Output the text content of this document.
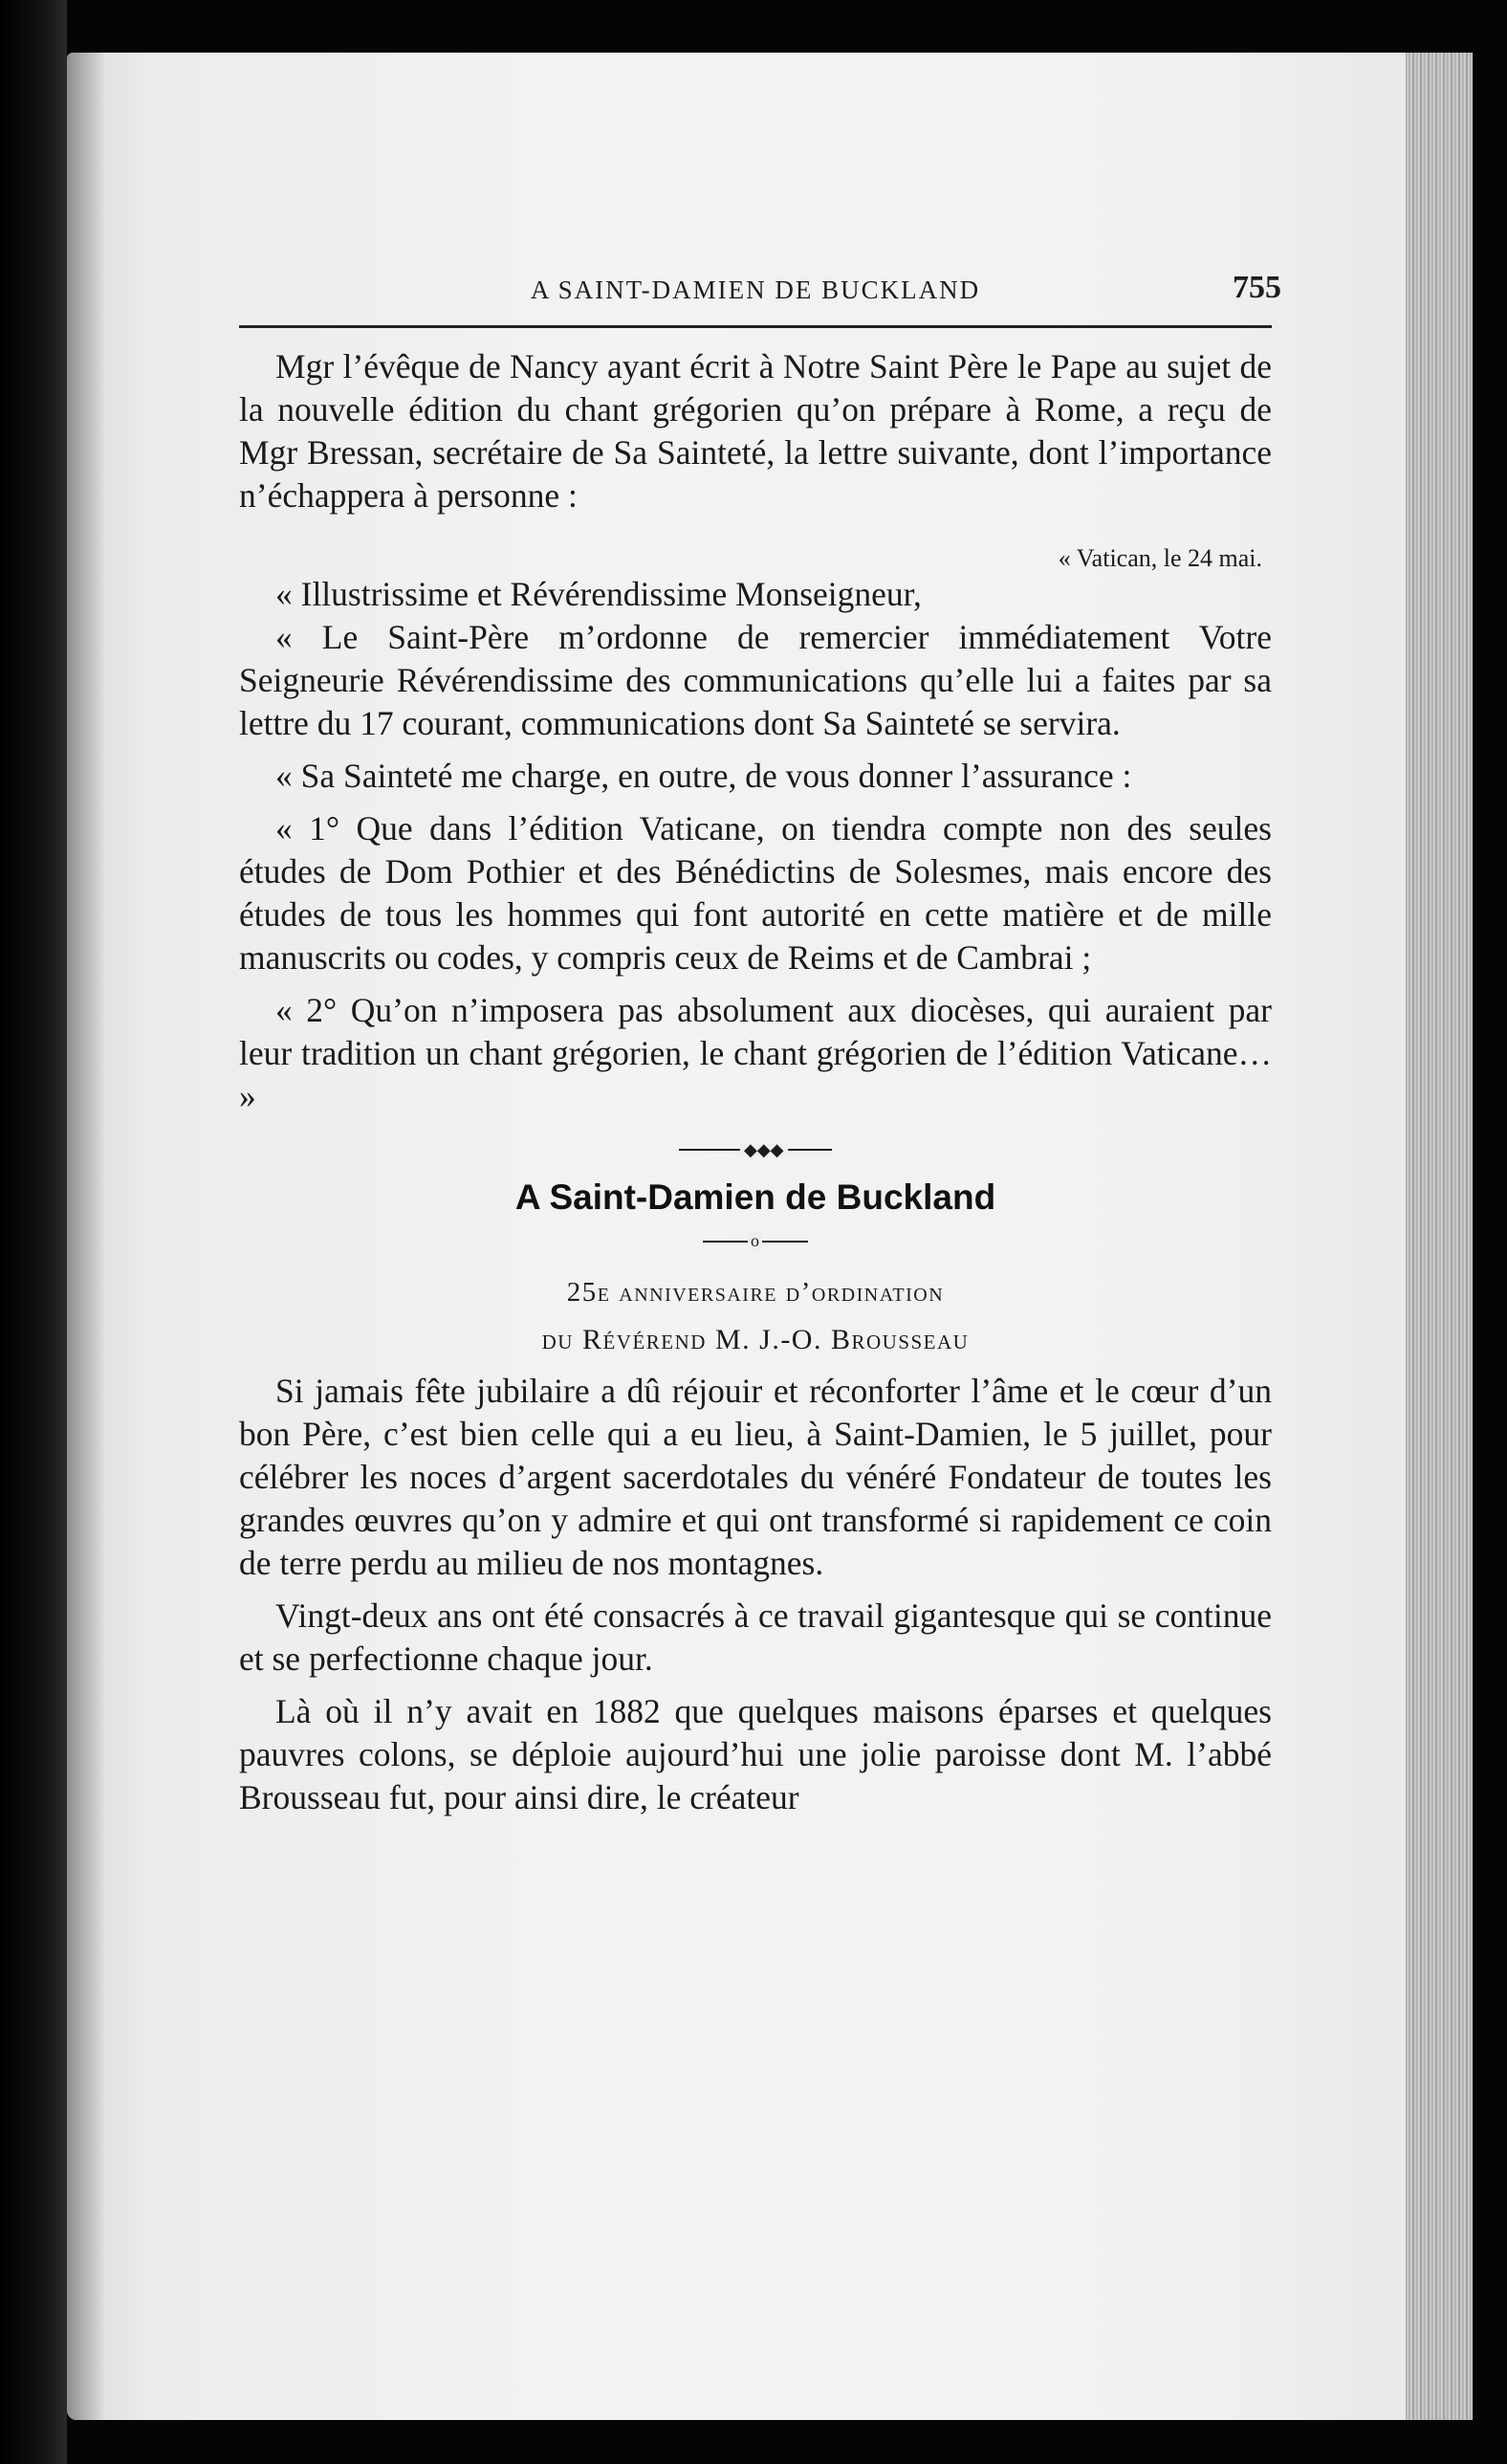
A SAINT-DAMIEN DE BUCKLAND	755

Mgr l’évêque de Nancy ayant écrit à Notre Saint Père le Pape au sujet de la nouvelle édition du chant grégorien qu’on prépare à Rome, a reçu de Mgr Bressan, secrétaire de Sa Sainteté, la lettre suivante, dont l’importance n’échappera à personne :

« Vatican, le 24 mai.

« Illustrissime et Révérendissime Monseigneur,

« Le Saint-Père m’ordonne de remercier immédiatement Votre Seigneurie Révérendissime des communications qu’elle lui a faites par sa lettre du 17 courant, communications dont Sa Sainteté se servira.

« Sa Sainteté me charge, en outre, de vous donner l’assurance :

« 1° Que dans l’édition Vaticane, on tiendra compte non des seules études de Dom Pothier et des Bénédictins de Solesmes, mais encore des études de tous les hommes qui font autorité en cette matière et de mille manuscrits ou codes, y compris ceux de Reims et de Cambrai ;

« 2° Qu’on n’imposera pas absolument aux diocèses, qui auraient par leur tradition un chant grégorien, le chant grégorien de l’édition Vaticane… »

◆◆◆
A Saint-Damien de Buckland
o
25e anniversaire d’ordination
du Révérend M. J.-O. Brousseau

Si jamais fête jubilaire a dû réjouir et réconforter l’âme et le cœur d’un bon Père, c’est bien celle qui a eu lieu, à Saint-Damien, le 5 juillet, pour célébrer les noces d’argent sacerdotales du vénéré Fondateur de toutes les grandes œuvres qu’on y admire et qui ont transformé si rapidement ce coin de terre perdu au milieu de nos montagnes.

Vingt-deux ans ont été consacrés à ce travail gigantesque qui se continue et se perfectionne chaque jour.

Là où il n’y avait en 1882 que quelques maisons éparses et quelques pauvres colons, se déploie aujourd’hui une jolie paroisse dont M. l’abbé Brousseau fut, pour ainsi dire, le créateur
